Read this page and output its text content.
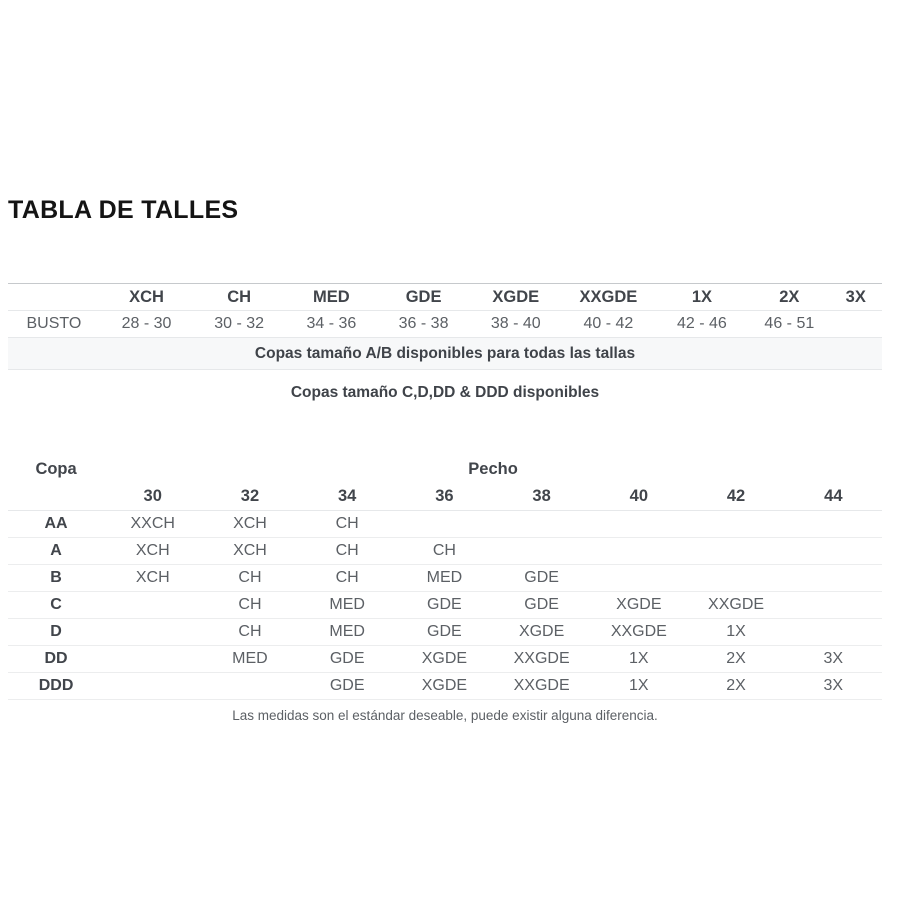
TABLA DE TALLES
	XCH	CH	MED	GDE	XGDE	XXGDE	1X	2X	3X
BUSTO	28 - 30	30 - 32	34 - 36	36 - 38	38 - 40	40 - 42	42 - 46	46 - 51	
Copas tamaño A/B disponibles para todas las tallas									
Copas tamaño C,D,DD & DDD disponibles									
Copa	Pecho							
	30	32	34	36	38	40	42	44
AA	XXCH	XCH	CH					
A	XCH	XCH	CH	CH				
B	XCH	CH	CH	MED	GDE			
C		CH	MED	GDE	GDE	XGDE	XXGDE	
D		CH	MED	GDE	XGDE	XXGDE	1X	
DD		MED	GDE	XGDE	XXGDE	1X	2X	3X
DDD			GDE	XGDE	XXGDE	1X	2X	3X
Las medidas son el estándar deseable, puede existir alguna diferencia.
